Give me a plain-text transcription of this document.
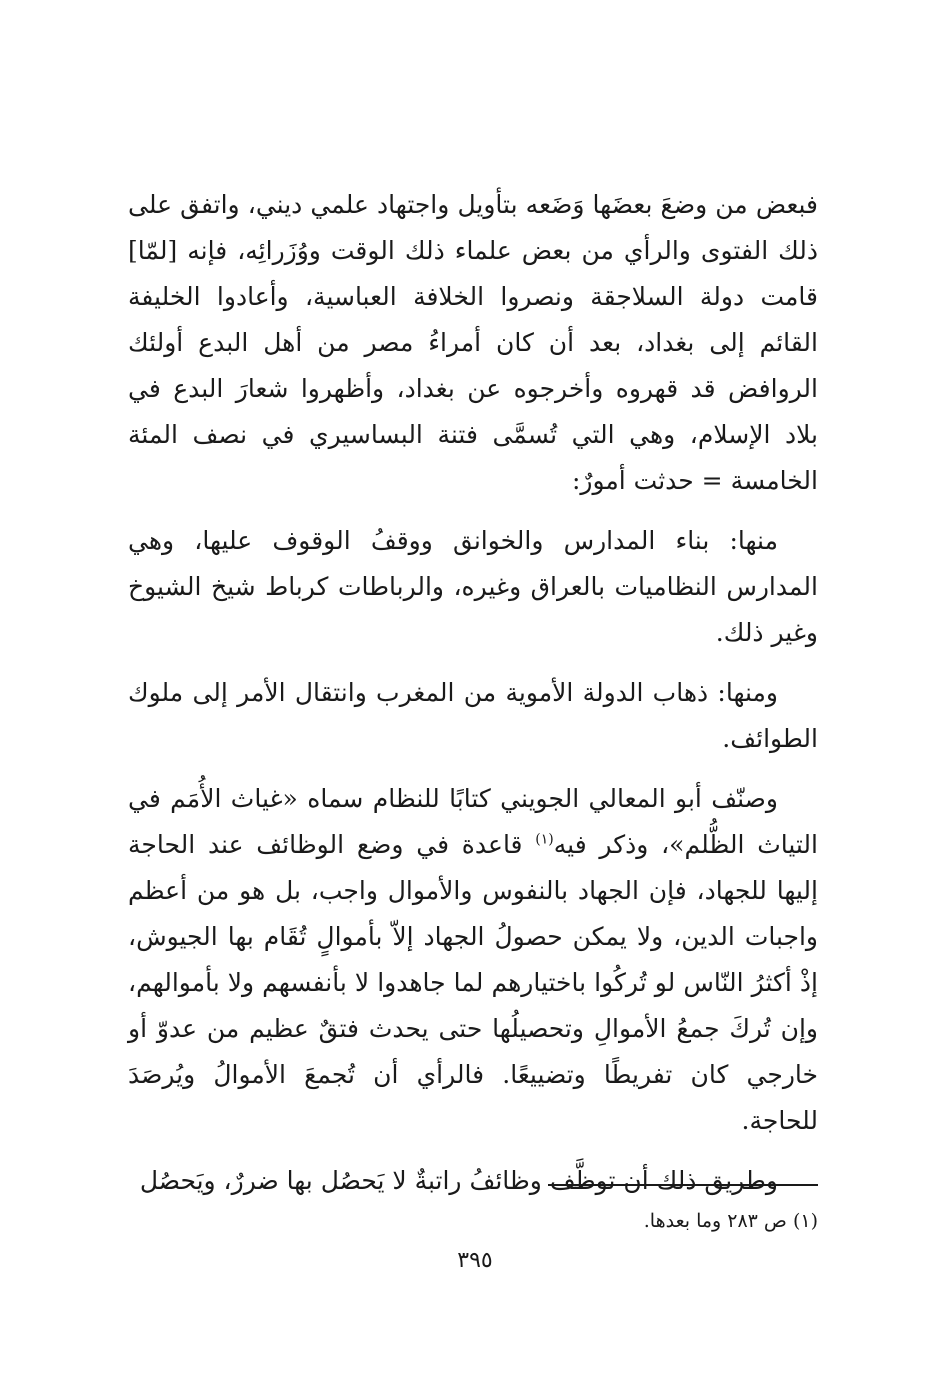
فبعض من وضعَ بعضَها وَضَعه بتأويل واجتهاد علمي ديني، واتفق على ذلك الفتوى والرأي من بعض علماء ذلك الوقت ووُزَرائِه، فإنه [لمّا] قامت دولة السلاجقة ونصروا الخلافة العباسية، وأعادوا الخليفة القائم إلى بغداد، بعد أن كان أمراءُ مصر من أهل البدع أولئك الروافض قد قهروه وأخرجوه عن بغداد، وأظهروا شعارَ البدع في بلاد الإسلام، وهي التي تُسمَّى فتنة البساسيري في نصف المئة الخامسة = حدثت أمورٌ:

منها: بناء المدارس والخوانق ووقفُ الوقوف عليها، وهي المدارس النظاميات بالعراق وغيره، والرباطات كرباط شيخ الشيوخ وغير ذلك.

ومنها: ذهاب الدولة الأموية من المغرب وانتقال الأمر إلى ملوك الطوائف.

وصنّف أبو المعالي الجويني كتابًا للنظام سماه «غياث الأُمَم في التياث الظُّلم»، وذكر فيه$^{(١)}$ قاعدة في وضع الوظائف عند الحاجة إليها للجهاد، فإن الجهاد بالنفوس والأموال واجب، بل هو من أعظم واجبات الدين، ولا يمكن حصولُ الجهاد إلاّ بأموالٍ تُقَام بها الجيوش، إذْ أكثرُ النّاس لو تُركُوا باختيارهم لما جاهدوا لا بأنفسهم ولا بأموالهم، وإن تُركَ جمعُ الأموالِ وتحصيلُها حتى يحدث فتقٌ عظيم من عدوّ أو خارجي كان تفريطًا وتضييعًا. فالرأي أن تُجمعَ الأموالُ ويُرصَدَ للحاجة.

وطريق ذلك أن توظَّف وظائفُ راتبةٌ لا يَحصُل بها ضررٌ، ويَحصُل

(١) ص ٢٨٣ وما بعدها.
٣٩٥
